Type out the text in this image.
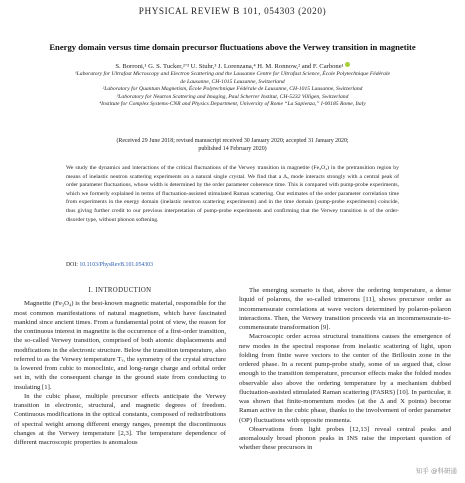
PHYSICAL REVIEW B 101, 054303 (2020)
Energy domain versus time domain precursor fluctuations above the Verwey transition in magnetite
S. Borroni,¹ G. S. Tucker,²ʼ³ U. Stuhr,³ J. Lorenzana,⁴ H. M. Ronnow,² and F. Carbone¹
¹Laboratory for Ultrafast Microscopy and Electron Scattering and the Lausanne Centre for Ultrafast Science, École Polytechnique Fédérale
de Lausanne, CH-1015 Lausanne, Switzerland
²Laboratory for Quantum Magnetism, École Polytechnique Fédérale de Lausanne, CH-1015 Lausanne, Switzerland
³Laboratory for Neutron Scattering and Imaging, Paul Scherrer Institut, CH-5232 Villigen, Switzerland
⁴Institute for Complex Systems-CNR and Physics Department, University of Rome “La Sapienza,” I-00185 Rome, Italy
(Received 29 June 2018; revised manuscript received 30 January 2020; accepted 31 January 2020;
published 14 February 2020)
We study the dynamics and interactions of the critical fluctuations of the Verwey transition in magnetite (Fe₃O₄) in the pretransition region by means of inelastic neutron scattering experiments on a natural single crystal. We find that a Δ₅ mode interacts strongly with a central peak of order parameter fluctuations, whose width is determined by the order parameter coherence time. This is compared with pump-probe experiments, which we formerly explained in terms of fluctuation-assisted stimulated Raman scattering. Our estimates of the order parameter correlation time from experiments in the energy domain (inelastic neutron scattering experiments) and in the time domain (pump-probe experiments) coincide, thus giving further credit to our previous interpretation of pump-probe experiments and confirming that the Verwey transition is of the order-disorder type, without phonon softening.
DOI: 10.1103/PhysRevB.101.054303
I. INTRODUCTION

Magnetite (Fe₃O₄) is the best-known magnetic material, responsible for the most common manifestations of natural magnetism, which have fascinated mankind since ancient times. From a fundamental point of view, the reason for the continuous interest in magnetite is the occurrence of a first-order transition, the so-called Verwey transition, comprised of both atomic displacements and modifications in the electronic structure. Below the transition temperature, also referred to as the Verwey temperature Tᵥ, the symmetry of the crystal structure is lowered from cubic to monoclinic, and long-range charge and orbital order set in, with the consequent change in the ground state from conducting to insulating [1].

In the cubic phase, multiple precursor effects anticipate the Verwey transition in electronic, structural, and magnetic degrees of freedom. Continuous modifications in the optical constants, composed of redistributions of spectral weight among different energy ranges, preempt the discontinuous changes at the Verwey temperature [2,3]. The temperature dependence of different macroscopic properties is anomalous

The emerging scenario is that, above the ordering temperature, a dense liquid of polarons, the so-called trimerons [11], shows precursor order as incommensurate correlations at wave vectors determined by polaron-polaron interactions. Then, the Verwey transition proceeds via an incommensurate-to-commensurate transformation [9].

Macroscopic order across structural transitions causes the emergence of new modes in the spectral response from inelastic scattering of light, upon folding from finite wave vectors to the center of the Brillouin zone in the ordered phase. In a recent pump-probe study, some of us argued that, close enough to the transition temperature, precursor effects make the folded modes observable also above the ordering temperature by a mechanism dubbed fluctuation-assisted stimulated Raman scattering (FASRS) [10]. In particular, it was shown that finite-momentum modes (at the Δ and X points) become Raman active in the cubic phase, thanks to the involvement of order parameter (OP) fluctuations with opposite momenta.

Observations from light probes [12,13] reveal central peaks and anomalously broad phonon peaks in INS raise the important question of whether these precursors in

知乎 @科研通
